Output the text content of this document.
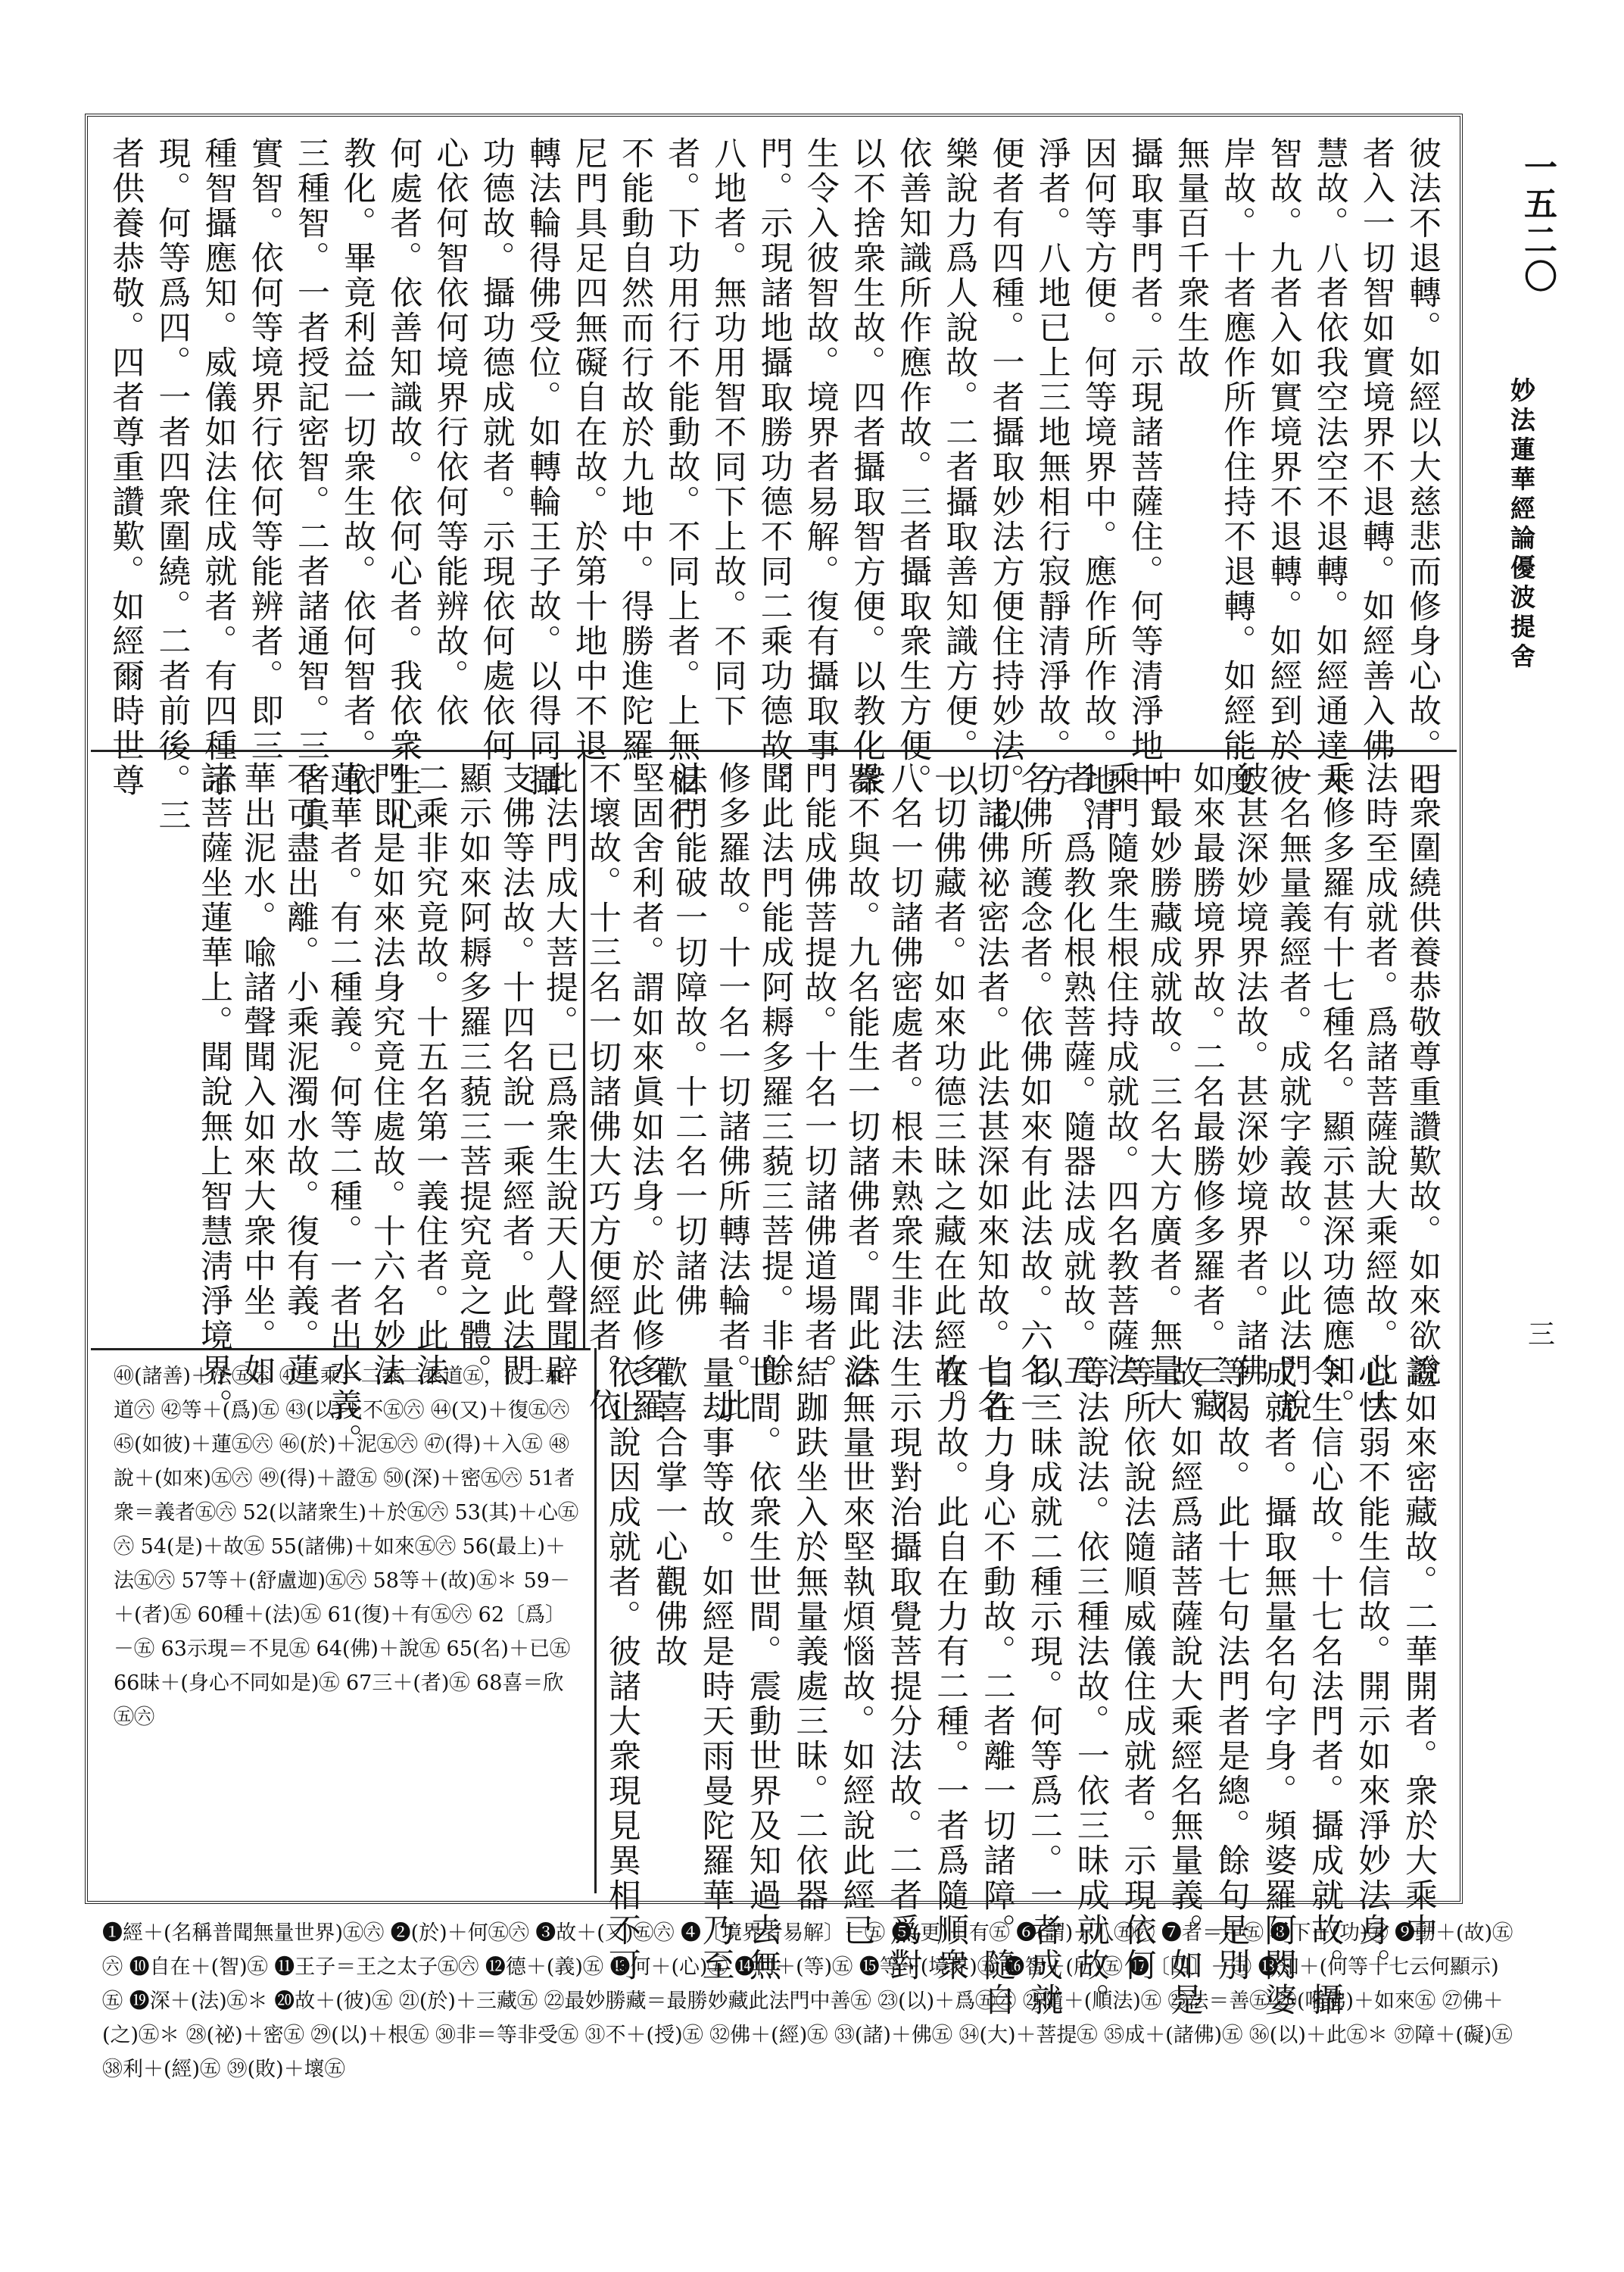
一五二〇
妙法蓮華經論優波提舍
三
彼法不退轉。如經以大慈悲而修身心故。七
者入一切智如實境界不退轉。如經善入佛
慧故。八者依我空法空不退轉。如經通達大
智故。九者入如實境界不退轉。如經到於彼
岸故。十者應作所作住持不退轉。如經能度
無量百千衆生故
攝取事門者。示現諸菩薩住。何等清淨地中。
因何等方便。何等境界中。應作所作故。地清
淨者。八地已上三地無相行寂靜清淨故。方
便者有四種。一者攝取妙法方便住持妙法。以
樂說力爲人說故。二者攝取善知識方便。以
依善知識所作應作故。三者攝取衆生方便。
以不捨衆生故。四者攝取智方便。以教化衆
生令入彼智故。境界者易解。復有攝取事
門。示現諸地攝取勝功德不同二乘功德故。
八地者。無功用智不同下上故。不同下
者。下功用行不能動故。不同上者。上無相行
不能動自然而行故於九地中。得勝進陀羅
尼門具足四無礙自在故。於第十地中不退
轉法輪得佛受位。如轉輪王子故。以得同攝
功德故。攝功德成就者。示現依何處依何
心依何智依何境界行依何等能辨故。依
何處者。依善知識故。依何心者。我依衆生心
教化。畢竟利益一切衆生故。依何智者。依
三種智。一者授記密智。二者諸通智。三者眞
實智。依何等境界行依何等能辨者。即三
種智攝應知。威儀如法住成就者。有四種示
現。何等爲四。一者四衆圍繞。二者前後。三
者供養恭敬。四者尊重讚歎。如經爾時世尊
四衆圍繞供養恭敬尊重讚歎故。如來欲說
法時至成就者。爲諸菩薩說大乘經故。此大
乘修多羅有十七種名。顯示甚深功德應知。
一名無量義經者。成就字義故。以此法門說
彼甚深妙境界法故。甚深妙境界者。諸佛
如來最勝境界故。二名最勝修多羅者。三藏
中最妙勝藏成就故。三名大方廣者。無量大
乘門隨衆生根住持成就故。四名教菩薩法
者。爲教化根熟菩薩。隨器法成就故。五
名佛所護念者。依佛如來有此法故。六名一
切諸佛祕密法者。此法甚深如來知故。七名
一切佛藏者。如來功德三昧之藏在此經故。
八名一切諸佛密處者。根未熟衆生非法
器不與故。九名能生一切諸佛者。聞此法
門能成佛菩提故。十名一切諸佛道場者。
聞此法門能成阿耨多羅三藐三菩提。非餘
修多羅故。十一名一切諸佛所轉法輪者。此
法門能破一切障故。十二名一切諸佛
堅固舍利者。謂如來眞如法身。於此修多羅
不壞故。十三名一切諸佛大巧方便經者。依
此法門成大菩提。已爲衆生說天人聲聞辟
支佛等法故。十四名說一乘經者。此法門
顯示如來阿耨多羅三藐三菩提究竟之體。
二乘非究竟故。十五名第一義住者。此法
門即是如來法身究竟住處故。十六名妙法
蓮華者。有二種義。何等二種。一者出水義。
不可盡出離。小乘泥濁水故。復有義。蓮
華出泥水。喩諸聲聞入如來大衆中坐。如
諸菩薩坐蓮華上。聞說無上智慧淸淨境界。
證如來密藏故。二華開者。衆於大乘中
心怯弱不能生信故。開示如來淨妙法身。
令生信心故。十七名法門者。攝成就故。攝
成就者。攝取無量名句字身。頻婆羅阿閦婆
等偈故。此十七句法門者是總。餘句是別
故。如經爲諸菩薩說大乘經名無量義。如是
等所依說法隨順威儀住成就者。示現依何
等法說法。依三種法故。一依三昧成就故。
以三昧成就二種示現。何等爲二。一者成就
自在力身心不動故。二者離一切諸障。隨自
在力故。此自在力有二種。一者爲隨順衆
生示現對治攝取覺菩提分法故。二者爲對
治無量世來堅執煩惱故。如經說此經已
結跏趺坐入於無量義處三昧。二依器
世間。依衆生世間。震動世界及知過去無
量劫事等故。如經是時天雨曼陀羅華乃至
歡喜合掌一心觀佛故
依止說因成就者。彼諸大衆現見異相不可
㊵(諸善)＋法㊄㊅ ㊶二乘＝二乘二乘道㊄，彼二乘道㊅ ㊷等＋(爲)㊄ ㊸(以)＋不㊄㊅ ㊹(又)＋復㊄㊅ ㊺(如彼)＋蓮㊄㊅ ㊻(於)＋泥㊄㊅ ㊼(得)＋入㊄ ㊽說＋(如來)㊄㊅ ㊾(得)＋證㊄ ㊿(深)＋密㊄㊅ 51者衆＝義者㊄㊅ 52(以諸衆生)＋於㊄㊅ 53(其)＋心㊄㊅ 54(是)＋故㊄ 55(諸佛)＋如來㊄㊅ 56(最上)＋法㊄㊅ 57等＋(舒盧迦)㊄㊅ 58等＋(故)㊄＊ 59－＋(者)㊄ 60種＋(法)㊄ 61(復)＋有㊄㊅ 62〔爲〕－㊄ 63示現＝不見㊄ 64(佛)＋說㊄ 65(名)＋已㊄ 66昧＋(身心不同如是)㊄ 67三＋(者)㊄ 68喜＝欣㊄㊅
❶經＋(名稱普聞無量世界)㊄㊅ ❷(於)＋何㊄㊅ ❸故＋(又)㊄㊅ ❹〔境界者易解〕－㊄ ❺(更)＋有㊄ ❻(謂)＋八㊄㊅ ❼者＝中㊄ ❽下＋(功)㊄ ❾動＋(故)㊄㊅ ❿自在＋(智)㊄ ⓫王子＝王之太子㊄㊅ ⓬德＋(義)㊄ ⓭何＋(心)㊄ ⓮何＋(等)㊄ ⓯等＋(境界)㊄ ⓰智＋(所)㊄ ⓱〔四〕－㊄ ⓲知＋(何等十七云何顯示)㊄ ⓳深＋(法)㊄＊ ⓴故＋(彼)㊄ ㉑(於)＋三藏㊄ ㉒最妙勝藏＝最勝妙藏此法門中善㊄ ㉓(以)＋爲㊄㊅ ㉔隨＋(順法)㊄ ㉕法＝善㊄ ㉖(唯佛)＋如來㊄ ㉗佛＋(之)㊄＊ ㉘(祕)＋密㊄ ㉙(以)＋根㊄ ㉚非＝等非受㊄ ㉛不＋(授)㊄ ㉜佛＋(經)㊄ ㉝(諸)＋佛㊄ ㉞(大)＋菩提㊄ ㉟成＋(諸佛)㊄ ㊱(以)＋此㊄＊ ㊲障＋(礙)㊄ ㊳利＋(經)㊄ ㊴(敗)＋壞㊄
